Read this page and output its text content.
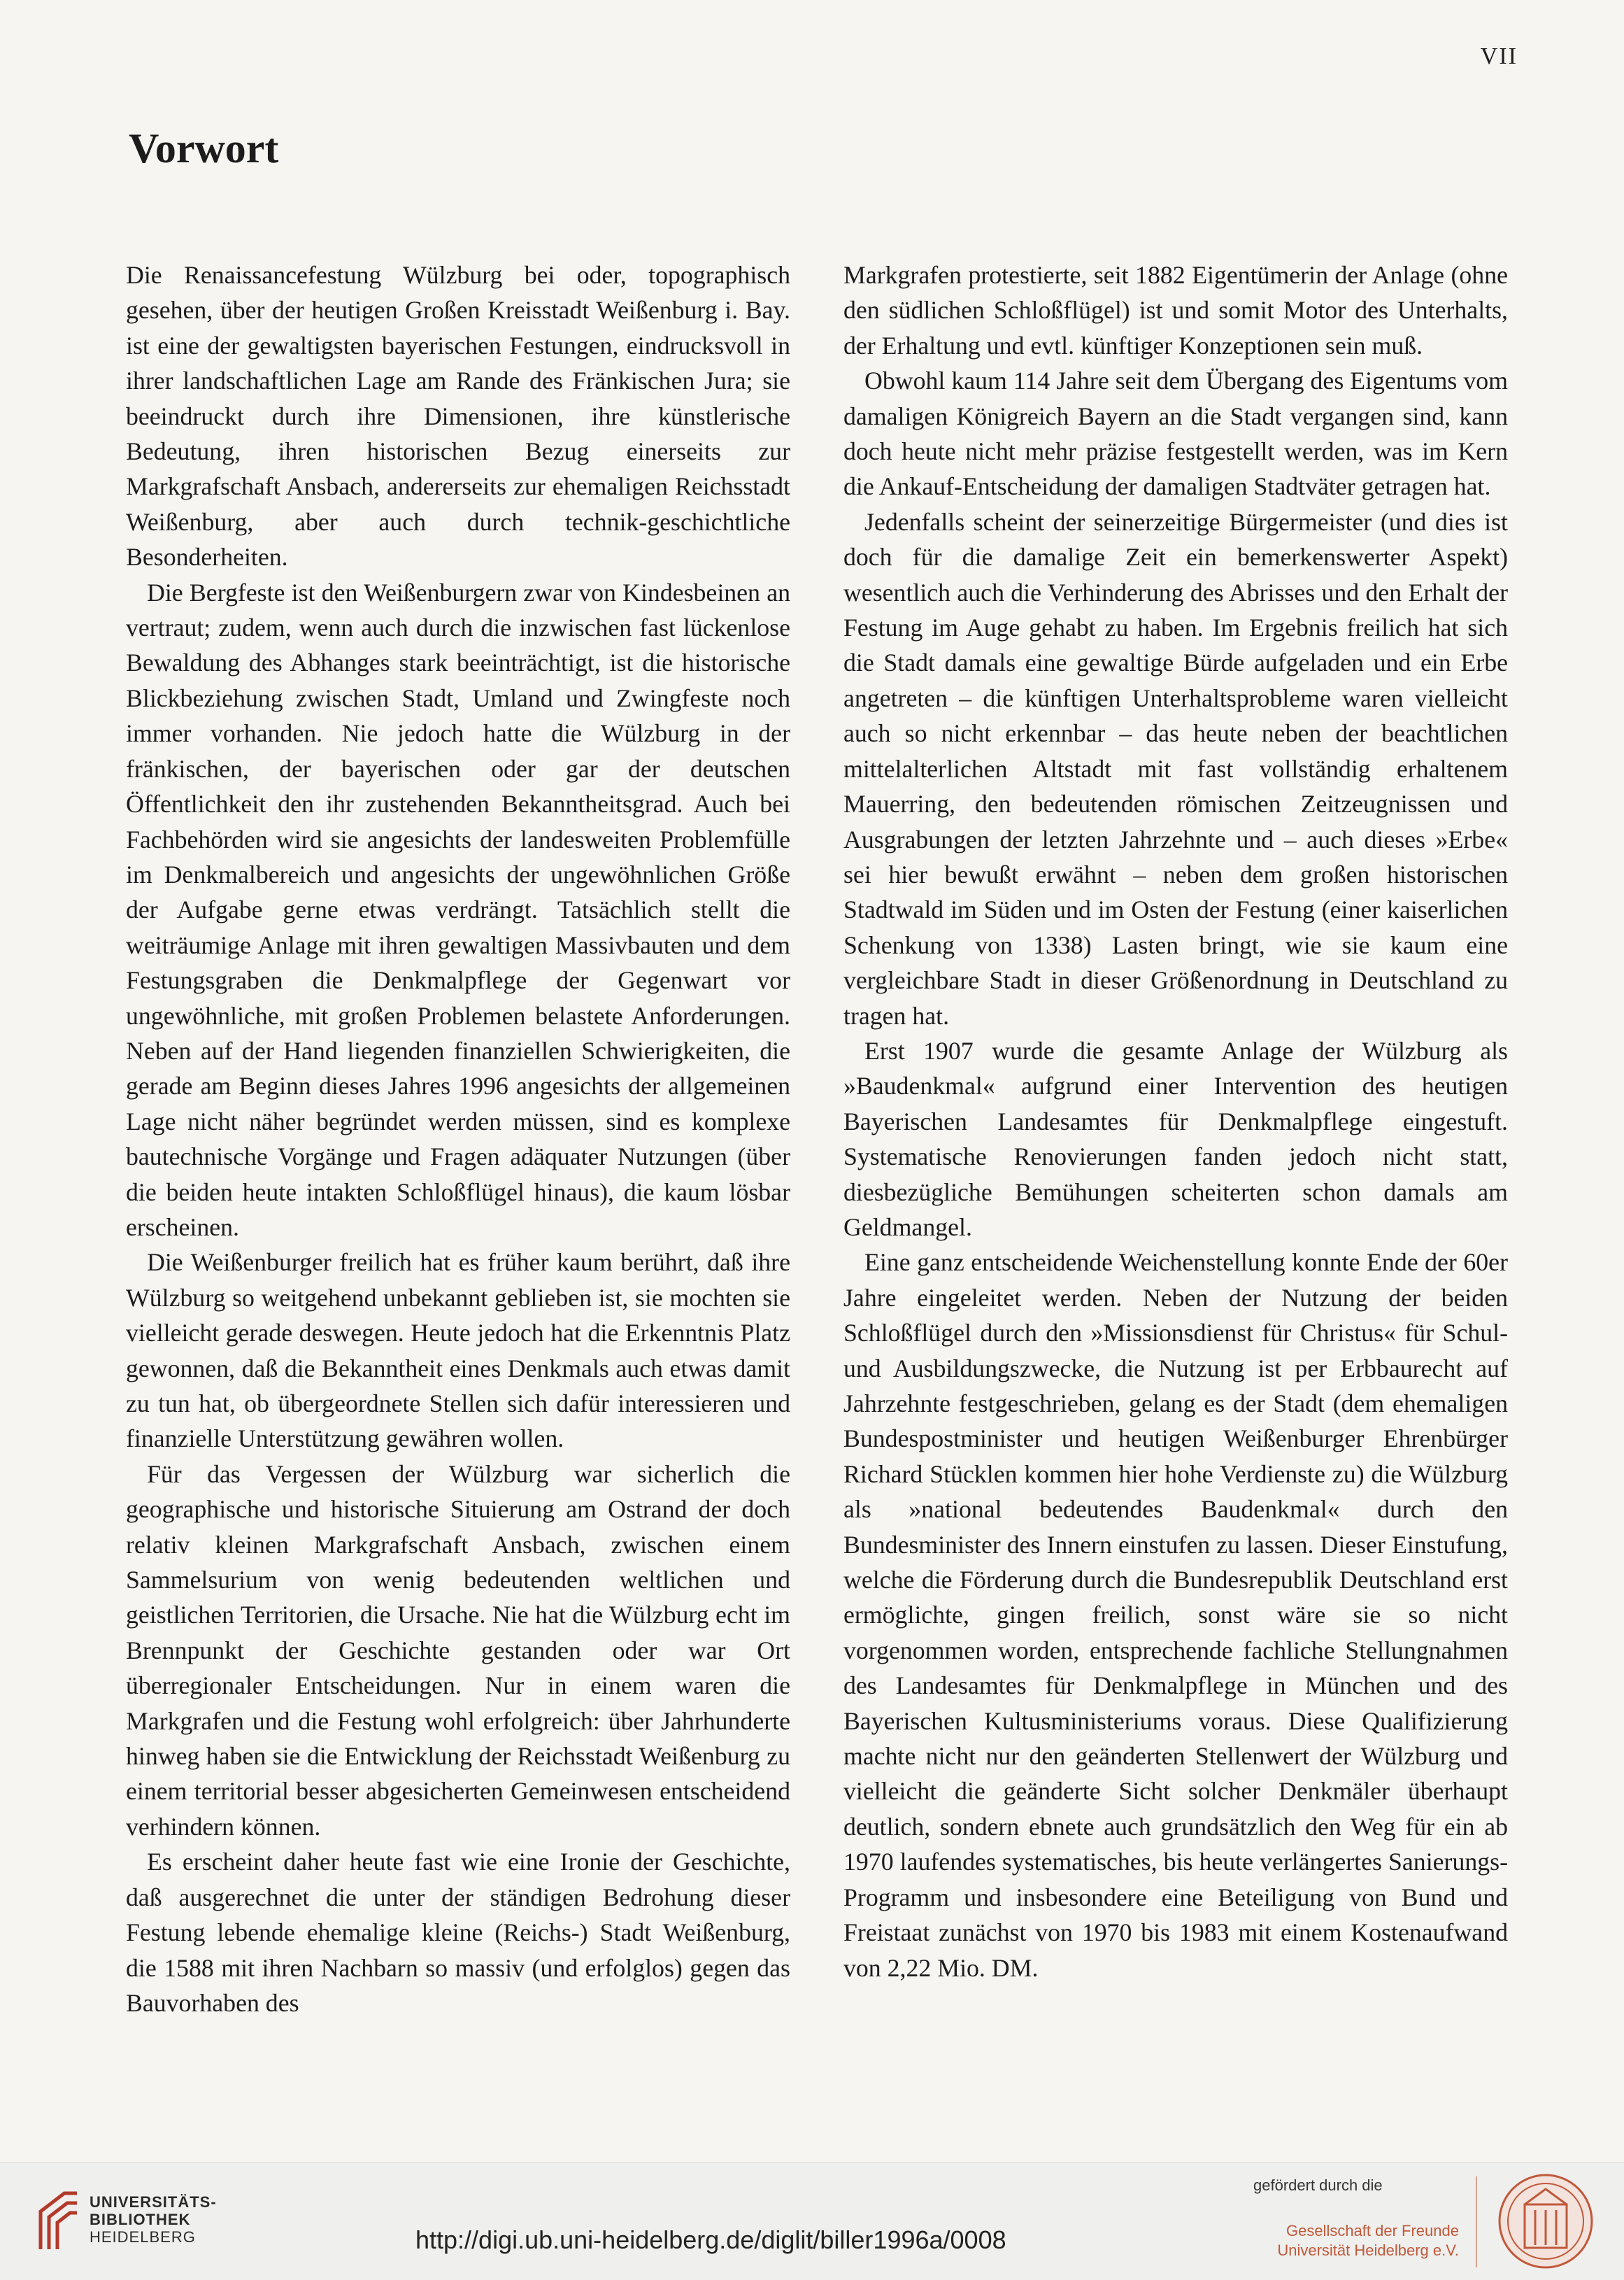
VII
Vorwort

Die Renaissancefestung Wülzburg bei oder, topographisch gesehen, über der heutigen Großen Kreisstadt Weißenburg i. Bay. ist eine der gewaltigsten bayerischen Festungen, eindrucksvoll in ihrer landschaftlichen Lage am Rande des Fränkischen Jura; sie beeindruckt durch ihre Dimensionen, ihre künstlerische Bedeutung, ihren historischen Bezug einerseits zur Markgrafschaft Ansbach, andererseits zur ehemaligen Reichsstadt Weißenburg, aber auch durch technik-geschichtliche Besonderheiten.

Die Bergfeste ist den Weißenburgern zwar von Kindesbeinen an vertraut; zudem, wenn auch durch die inzwischen fast lückenlose Bewaldung des Abhanges stark beeinträchtigt, ist die historische Blickbeziehung zwischen Stadt, Umland und Zwingfeste noch immer vorhanden. Nie jedoch hatte die Wülzburg in der fränkischen, der bayerischen oder gar der deutschen Öffentlichkeit den ihr zustehenden Bekanntheitsgrad. Auch bei Fachbehörden wird sie angesichts der landesweiten Problemfülle im Denkmalbereich und angesichts der ungewöhnlichen Größe der Aufgabe gerne etwas verdrängt. Tatsächlich stellt die weiträumige Anlage mit ihren gewaltigen Massivbauten und dem Festungsgraben die Denkmalpflege der Gegenwart vor ungewöhnliche, mit großen Problemen belastete Anforderungen. Neben auf der Hand liegenden finanziellen Schwierigkeiten, die gerade am Beginn dieses Jahres 1996 angesichts der allgemeinen Lage nicht näher begründet werden müssen, sind es komplexe bautechnische Vorgänge und Fragen adäquater Nutzungen (über die beiden heute intakten Schloßflügel hinaus), die kaum lösbar erscheinen.

Die Weißenburger freilich hat es früher kaum berührt, daß ihre Wülzburg so weitgehend unbekannt geblieben ist, sie mochten sie vielleicht gerade deswegen. Heute jedoch hat die Erkenntnis Platz gewonnen, daß die Bekanntheit eines Denkmals auch etwas damit zu tun hat, ob übergeordnete Stellen sich dafür interessieren und finanzielle Unterstützung gewähren wollen.

Für das Vergessen der Wülzburg war sicherlich die geographische und historische Situierung am Ostrand der doch relativ kleinen Markgrafschaft Ansbach, zwischen einem Sammelsurium von wenig bedeutenden weltlichen und geistlichen Territorien, die Ursache. Nie hat die Wülzburg echt im Brennpunkt der Geschichte gestanden oder war Ort überregionaler Entscheidungen. Nur in einem waren die Markgrafen und die Festung wohl erfolgreich: über Jahrhunderte hinweg haben sie die Entwicklung der Reichsstadt Weißenburg zu einem territorial besser abgesicherten Gemeinwesen entscheidend verhindern können.

Es erscheint daher heute fast wie eine Ironie der Geschichte, daß ausgerechnet die unter der ständigen Bedrohung dieser Festung lebende ehemalige kleine (Reichs-) Stadt Weißenburg, die 1588 mit ihren Nachbarn so massiv (und erfolglos) gegen das Bauvorhaben des

Markgrafen protestierte, seit 1882 Eigentümerin der Anlage (ohne den südlichen Schloßflügel) ist und somit Motor des Unterhalts, der Erhaltung und evtl. künftiger Konzeptionen sein muß.

Obwohl kaum 114 Jahre seit dem Übergang des Eigentums vom damaligen Königreich Bayern an die Stadt vergangen sind, kann doch heute nicht mehr präzise festgestellt werden, was im Kern die Ankauf-Entscheidung der damaligen Stadtväter getragen hat.

Jedenfalls scheint der seinerzeitige Bürgermeister (und dies ist doch für die damalige Zeit ein bemerkenswerter Aspekt) wesentlich auch die Verhinderung des Abrisses und den Erhalt der Festung im Auge gehabt zu haben. Im Ergebnis freilich hat sich die Stadt damals eine gewaltige Bürde aufgeladen und ein Erbe angetreten – die künftigen Unterhaltsprobleme waren vielleicht auch so nicht erkennbar – das heute neben der beachtlichen mittelalterlichen Altstadt mit fast vollständig erhaltenem Mauerring, den bedeutenden römischen Zeitzeugnissen und Ausgrabungen der letzten Jahrzehnte und – auch dieses »Erbe« sei hier bewußt erwähnt – neben dem großen historischen Stadtwald im Süden und im Osten der Festung (einer kaiserlichen Schenkung von 1338) Lasten bringt, wie sie kaum eine vergleichbare Stadt in dieser Größenordnung in Deutschland zu tragen hat.

Erst 1907 wurde die gesamte Anlage der Wülzburg als »Baudenkmal« aufgrund einer Intervention des heutigen Bayerischen Landesamtes für Denkmalpflege eingestuft. Systematische Renovierungen fanden jedoch nicht statt, diesbezügliche Bemühungen scheiterten schon damals am Geldmangel.

Eine ganz entscheidende Weichenstellung konnte Ende der 60er Jahre eingeleitet werden. Neben der Nutzung der beiden Schloßflügel durch den »Missionsdienst für Christus« für Schul- und Ausbildungszwecke, die Nutzung ist per Erbbaurecht auf Jahrzehnte festgeschrieben, gelang es der Stadt (dem ehemaligen Bundespostminister und heutigen Weißenburger Ehrenbürger Richard Stücklen kommen hier hohe Verdienste zu) die Wülzburg als »national bedeutendes Baudenkmal« durch den Bundesminister des Innern einstufen zu lassen. Dieser Einstufung, welche die Förderung durch die Bundesrepublik Deutschland erst ermöglichte, gingen freilich, sonst wäre sie so nicht vorgenommen worden, entsprechende fachliche Stellungnahmen des Landesamtes für Denkmalpflege in München und des Bayerischen Kultusministeriums voraus. Diese Qualifizierung machte nicht nur den geänderten Stellenwert der Wülzburg und vielleicht die geänderte Sicht solcher Denkmäler überhaupt deutlich, sondern ebnete auch grundsätzlich den Weg für ein ab 1970 laufendes systematisches, bis heute verlängertes Sanierungs-Programm und insbesondere eine Beteiligung von Bund und Freistaat zunächst von 1970 bis 1983 mit einem Kostenaufwand von 2,22 Mio. DM.

UNIVERSITÄTS-
BIBLIOTHEK
HEIDELBERG	http://digi.ub.uni-heidelberg.de/diglit/biller1996a/0008
gefördert durch die
Gesellschaft der Freunde
Universität Heidelberg e.V.
